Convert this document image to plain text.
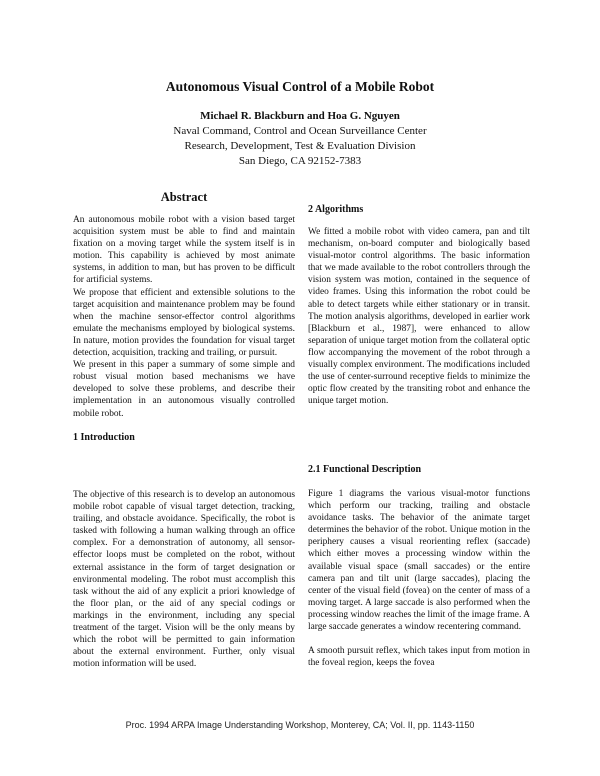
Autonomous Visual Control of a Mobile Robot
Michael R. Blackburn and Hoa G. Nguyen
Naval Command, Control and Ocean Surveillance Center
Research, Development, Test & Evaluation Division
San Diego, CA 92152-7383
Abstract

An autonomous mobile robot with a vision based target acquisition system must be able to find and maintain fixation on a moving target while the system itself is in motion. This capability is achieved by most animate systems, in addition to man, but has proven to be difficult for artificial systems.

We propose that efficient and extensible solutions to the target acquisition and maintenance problem may be found when the machine sensor-effector control algorithms emulate the mechanisms employed by biological systems. In nature, motion provides the foundation for visual target detection, acquisition, tracking and trailing, or pursuit.

We present in this paper a summary of some simple and robust visual motion based mechanisms we have developed to solve these problems, and describe their implementation in an autonomous visually controlled mobile robot.

1 Introduction

The objective of this research is to develop an autonomous mobile robot capable of visual target detection, tracking, trailing, and obstacle avoidance. Specifically, the robot is tasked with following a human walking through an office complex. For a demonstration of autonomy, all sensor-effector loops must be completed on the robot, without external assistance in the form of target designation or environmental modeling. The robot must accomplish this task without the aid of any explicit a priori knowledge of the floor plan, or the aid of any special codings or markings in the environment, including any special treatment of the target. Vision will be the only means by which the robot will be permitted to gain information about the external environment. Further, only visual motion information will be used.

2 Algorithms

We fitted a mobile robot with video camera, pan and tilt mechanism, on-board computer and biologically based visual-motor control algorithms. The basic information that we made available to the robot controllers through the vision system was motion, contained in the sequence of video frames. Using this information the robot could be able to detect targets while either stationary or in transit. The motion analysis algorithms, developed in earlier work [Blackburn et al., 1987], were enhanced to allow separation of unique target motion from the collateral optic flow accompanying the movement of the robot through a visually complex environment. The modifications included the use of center-surround receptive fields to minimize the optic flow created by the transiting robot and enhance the unique target motion.

2.1 Functional Description

Figure 1 diagrams the various visual-motor functions which perform our tracking, trailing and obstacle avoidance tasks. The behavior of the animate target determines the behavior of the robot. Unique motion in the periphery causes a visual reorienting reflex (saccade) which either moves a processing window within the available visual space (small saccades) or the entire camera pan and tilt unit (large saccades), placing the center of the visual field (fovea) on the center of mass of a moving target. A large saccade is also performed when the processing window reaches the limit of the image frame. A large saccade generates a window recentering command.

A smooth pursuit reflex, which takes input from motion in the foveal region, keeps the fovea

Proc. 1994 ARPA Image Understanding Workshop, Monterey, CA; Vol. II, pp. 1143-1150
